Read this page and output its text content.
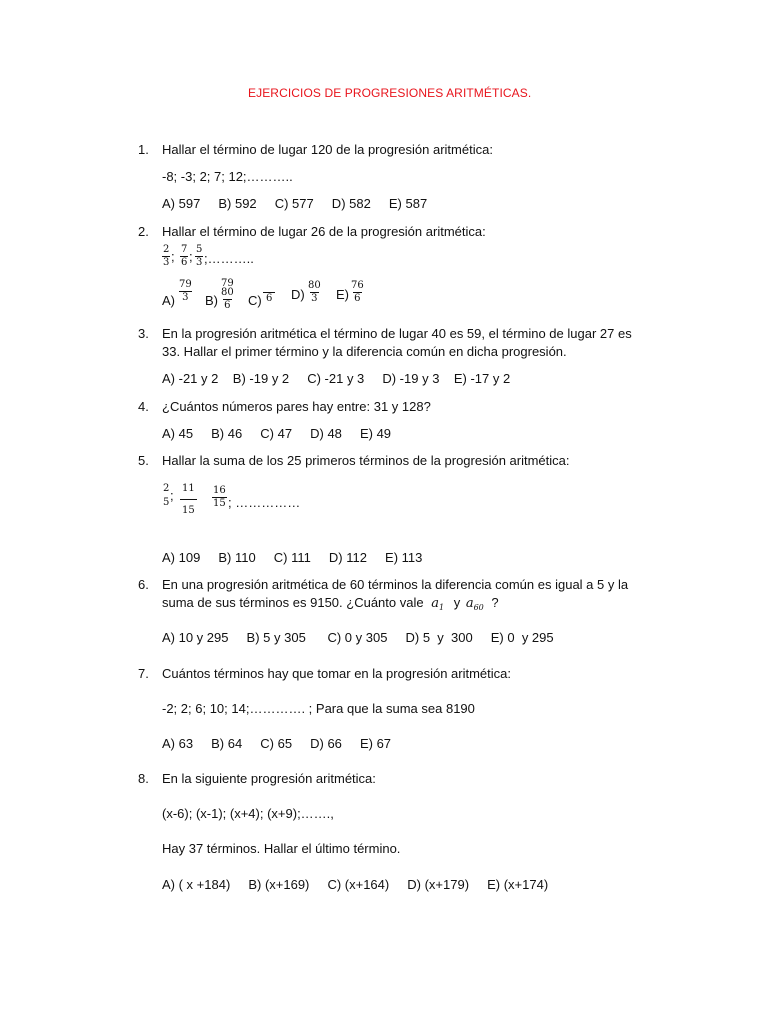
EJERCICIOS DE PROGRESIONES ARITMÉTICAS.
1. Hallar el término de lugar 120 de la progresión aritmética:
-8; -3; 2; 7; 12;………..
A) 597     B) 592     C) 577     D) 582     E) 587
2. Hallar el término de lugar 26 de la progresión aritmética:
$\frac{2}{3}$ ; $\frac{7}{6}$ ; $\frac{5}{3}$ ;………..
$A) \frac{79}{3} B$)
79
$\frac{80}{6} C$) 6 $D) \frac{80}{3} E) \frac{76}{6}$
3. En la progresión aritmética el término de lugar 40 es 59, el término de lugar 27 es
33. Hallar el primer término y la diferencia común en dicha progresión.
A) -21 y 2    B) -19 y 2     C) -21 y 3     D) -19 y 3    E) -17 y 2
4. ¿Cuántos números pares hay entre: 31 y 128?
A) 45     B) 46     C) 47     D) 48     E) 49
5. Hallar la suma de los 25 primeros términos de la progresión aritmética:
2
5 ; $\frac{11}{15} \frac{16}{15}$ ; ……………
A) 109     B) 110     C) 111     D) 112     E) 113
6. En una progresión aritmética de 60 términos la diferencia común es igual a 5 y la
suma de sus términos es 9150. ¿Cuánto vale $a_1$ y $a_{60}$ ?
A) 10 y 295     B) 5 y 305      C) 0 y 305     D) 5  y  300     E) 0  y 295
7. Cuántos términos hay que tomar en la progresión aritmética:
-2; 2; 6; 10; 14;…………. ; Para que la suma sea 8190
A) 63     B) 64     C) 65     D) 66     E) 67
8. En la siguiente progresión aritmética:
(x-6); (x-1); (x+4); (x+9);…….,
Hay 37 términos. Hallar el último término.
A) ( x +184)     B) (x+169)     C) (x+164)     D) (x+179)     E) (x+174)
